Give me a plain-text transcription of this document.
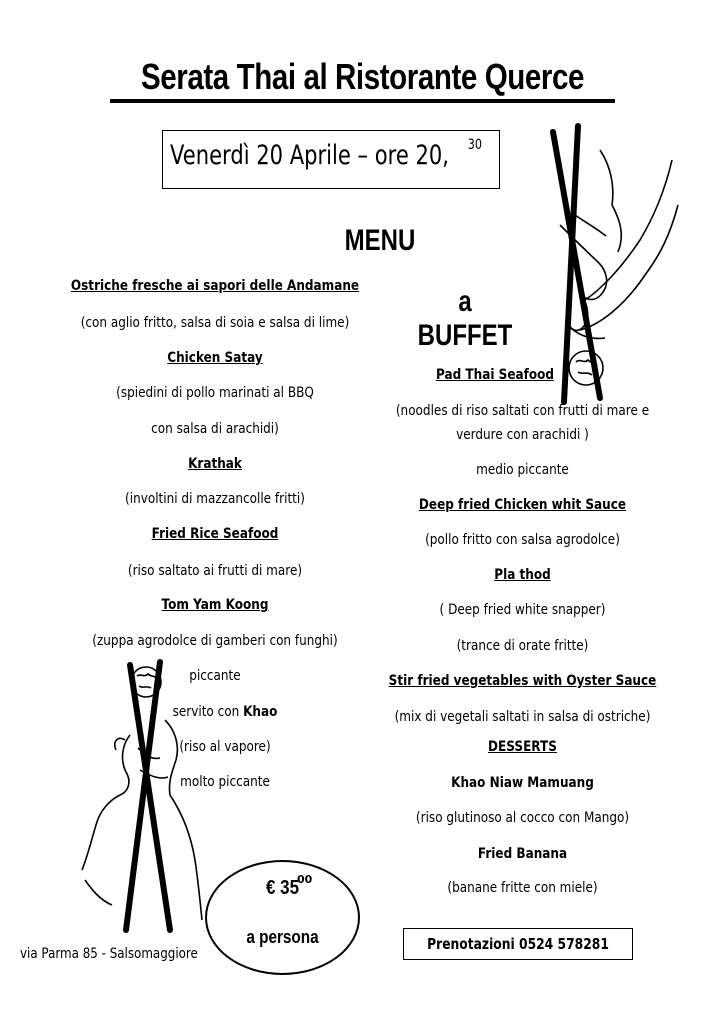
Serata Thai al Ristorante Querce
Venerdì 20 Aprile – ore 20, 30
MENU
a BUFFET
Ostriche fresche ai sapori delle Andamane
(con aglio fritto, salsa di soia e salsa di lime)
Chicken Satay
(spiedini di pollo marinati al BBQ
con salsa di arachidi)
Krathak
(involtini di mazzancolle fritti)
Fried Rice Seafood
(riso saltato ai frutti di mare)
Tom Yam Koong
(zuppa agrodolce di gamberi con funghi)
piccante
servito con Khao
(riso al vapore)
molto piccante
Pad Thai Seafood
(noodles di riso saltati con frutti di mare e
verdure con arachidi )
medio piccante
Deep fried Chicken whit Sauce
(pollo fritto con salsa agrodolce)
Pla thod
( Deep fried white snapper)
(trance di orate fritte)
Stir fried vegetables with Oyster Sauce
(mix di vegetali saltati in salsa di ostriche)
DESSERTS
Khao Niaw Mamuang
(riso glutinoso al cocco con Mango)
Fried Banana
(banane fritte con miele)
€ 35
00
a persona
via Parma 85 - Salsomaggiore
Prenotazioni 0524 578281
